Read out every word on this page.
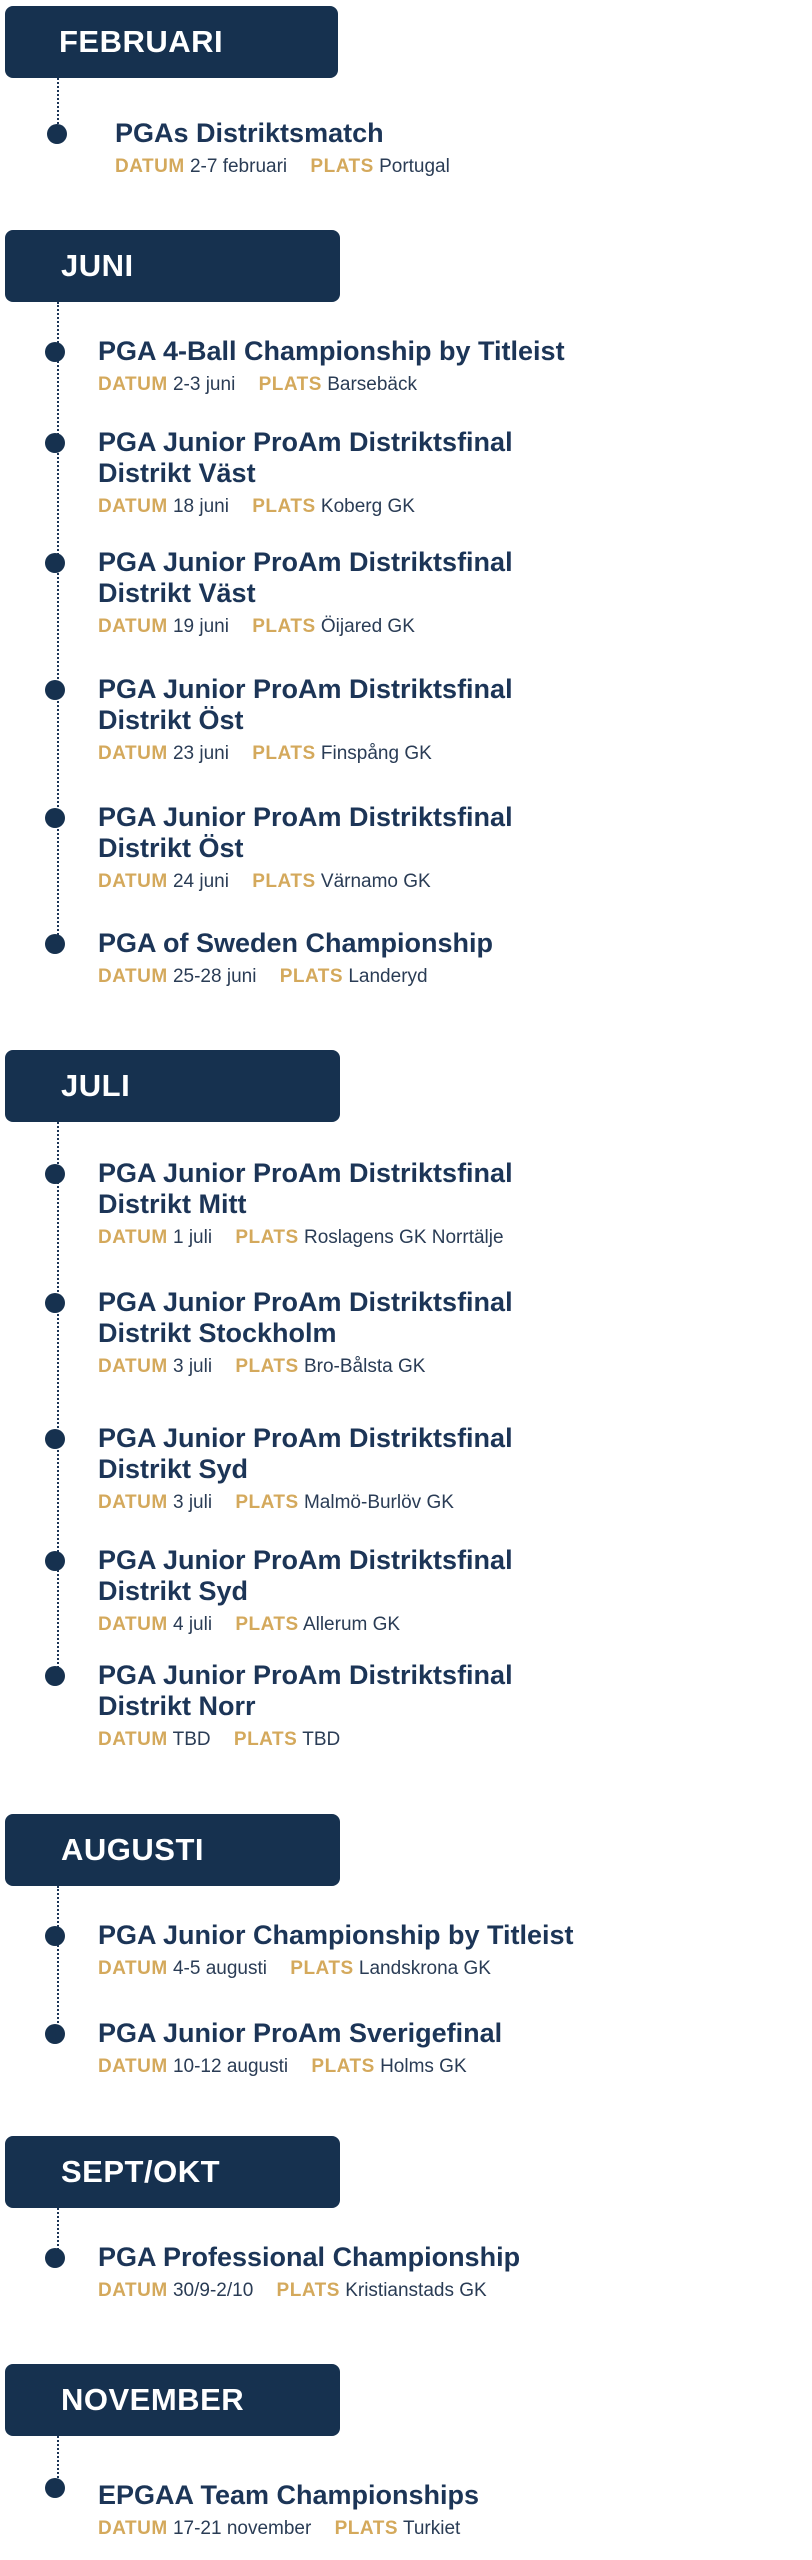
FEBRUARI
PGAs Distriktsmatch
DATUM 2-7 februari PLATS Portugal
JUNI
PGA 4-Ball Championship by Titleist
DATUM 2-3 juni PLATS Barsebäck
PGA Junior ProAm Distriktsfinal
Distrikt Väst
DATUM 18 juni PLATS Koberg GK
PGA Junior ProAm Distriktsfinal
Distrikt Väst
DATUM 19 juni PLATS Öijared GK
PGA Junior ProAm Distriktsfinal
Distrikt Öst
DATUM 23 juni PLATS Finspång GK
PGA Junior ProAm Distriktsfinal
Distrikt Öst
DATUM 24 juni PLATS Värnamo GK
PGA of Sweden Championship
DATUM 25-28 juni PLATS Landeryd
JULI
PGA Junior ProAm Distriktsfinal
Distrikt Mitt
DATUM 1 juli PLATS Roslagens GK Norrtälje
PGA Junior ProAm Distriktsfinal
Distrikt Stockholm
DATUM 3 juli PLATS Bro-Bålsta GK
PGA Junior ProAm Distriktsfinal
Distrikt Syd
DATUM 3 juli PLATS Malmö-Burlöv GK
PGA Junior ProAm Distriktsfinal
Distrikt Syd
DATUM 4 juli PLATS Allerum GK
PGA Junior ProAm Distriktsfinal
Distrikt Norr
DATUM TBD PLATS TBD
AUGUSTI
PGA Junior Championship by Titleist
DATUM 4-5 augusti PLATS Landskrona GK
PGA Junior ProAm Sverigefinal
DATUM 10-12 augusti PLATS Holms GK
SEPT/OKT
PGA Professional Championship
DATUM 30/9-2/10 PLATS Kristianstads GK
NOVEMBER
EPGAA Team Championships
DATUM 17-21 november PLATS Turkiet
